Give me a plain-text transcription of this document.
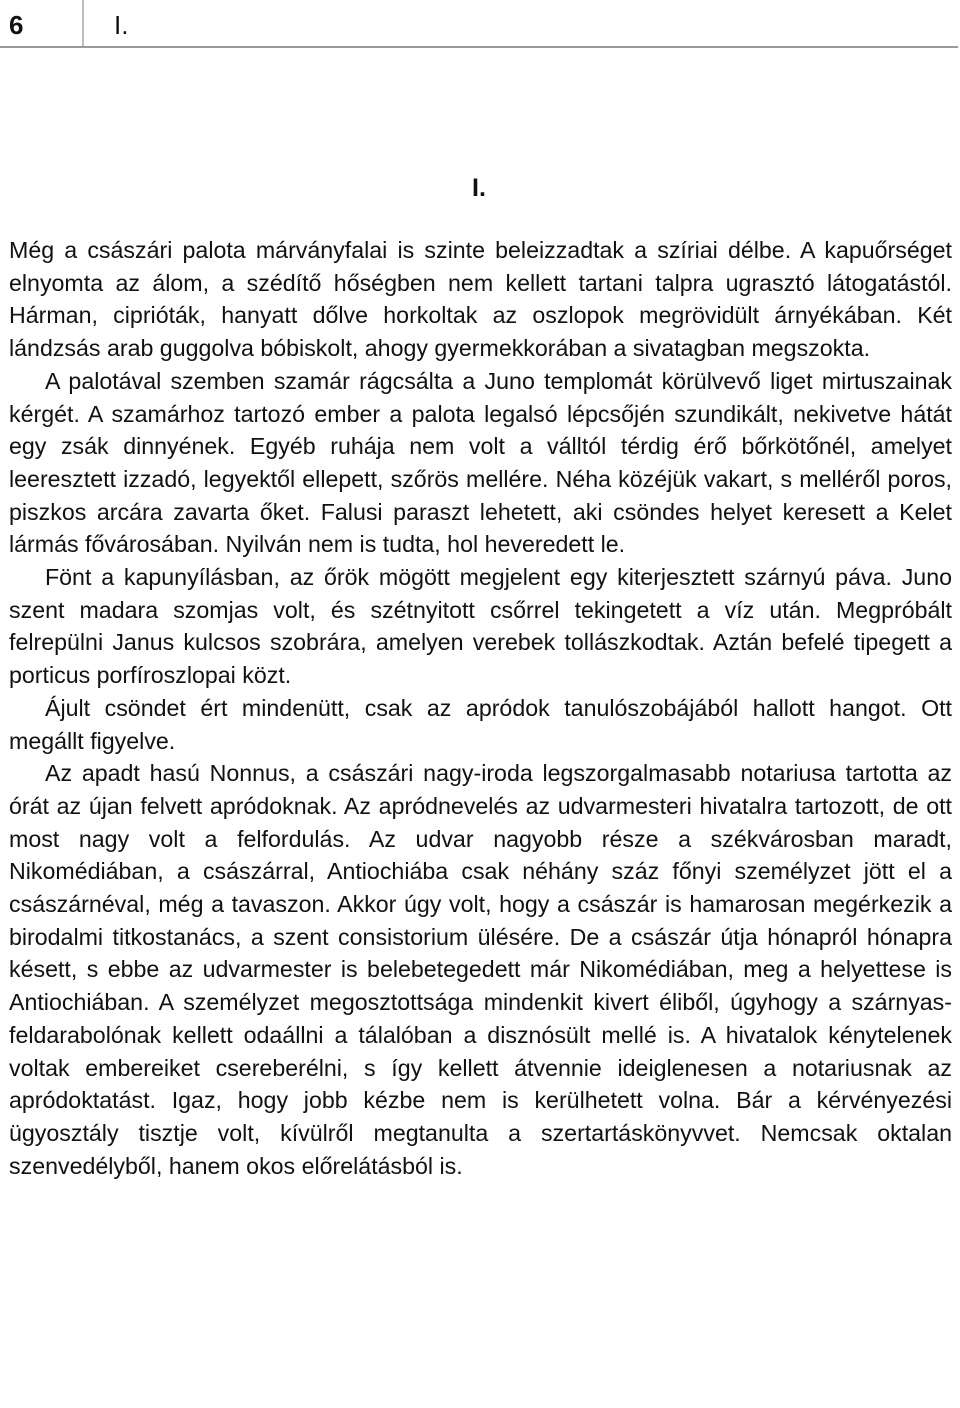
6	I.
I.

Még a császári palota márványfalai is szinte beleizzadtak a szíriai délbe. A kapuőrséget elnyomta az álom, a szédítő hőségben nem kellett tartani talpra ugrasztó látogatástól. Hárman, ciprióták, hanyatt dőlve horkoltak az oszlopok megrövidült árnyékában. Két lándzsás arab guggolva bóbiskolt, ahogy gyermekkorában a sivatagban megszokta.

A palotával szemben szamár rágcsálta a Juno templomát körülvevő liget mirtuszainak kérgét. A szamárhoz tartozó ember a palota legalsó lépcsőjén szundikált, nekivetve hátát egy zsák dinnyének. Egyéb ruhája nem volt a válltól térdig érő bőrkötőnél, amelyet leeresztett izzadó, legyektől ellepett, szőrös mellére. Néha közéjük vakart, s melléről poros, piszkos arcára zavarta őket. Falusi paraszt lehetett, aki csöndes helyet keresett a Kelet lármás fővárosában. Nyilván nem is tudta, hol heveredett le.

Fönt a kapunyílásban, az őrök mögött megjelent egy kiterjesztett szárnyú páva. Juno szent madara szomjas volt, és szétnyitott csőrrel tekingetett a víz után. Megpróbált felrepülni Janus kulcsos szobrára, amelyen verebek tollászkodtak. Aztán befelé tipegett a porticus porfíroszlopai közt.

Ájult csöndet ért mindenütt, csak az apródok tanulószobájából hallott hangot. Ott megállt figyelve.

Az apadt hasú Nonnus, a császári nagy-iroda legszorgalmasabb notariusa tartotta az órát az újan felvett apródoknak. Az apródnevelés az udvarmesteri hivatalra tartozott, de ott most nagy volt a felfordulás. Az udvar nagyobb része a székvárosban maradt, Nikomédiában, a császárral, Antiochiába csak néhány száz főnyi személyzet jött el a császárnéval, még a tavaszon. Akkor úgy volt, hogy a császár is hamarosan megérkezik a birodalmi titkostanács, a szent consistorium ülésére. De a császár útja hónapról hónapra késett, s ebbe az udvarmester is belebetegedett már Nikomédiában, meg a helyettese is Antiochiában. A személyzet megosztottsága mindenkit kivert éliből, úgyhogy a szárnyas-feldarabolónak kellett odaállni a tálalóban a disznósült mellé is. A hivatalok kénytelenek voltak embereiket csereberélni, s így kellett átvennie ideiglenesen a notariusnak az apródoktatást. Igaz, hogy jobb kézbe nem is kerülhetett volna. Bár a kérvényezési ügyosztály tisztje volt, kívülről megtanulta a szertartáskönyvvet. Nemcsak oktalan szenvedélyből, hanem okos előrelátásból is.
